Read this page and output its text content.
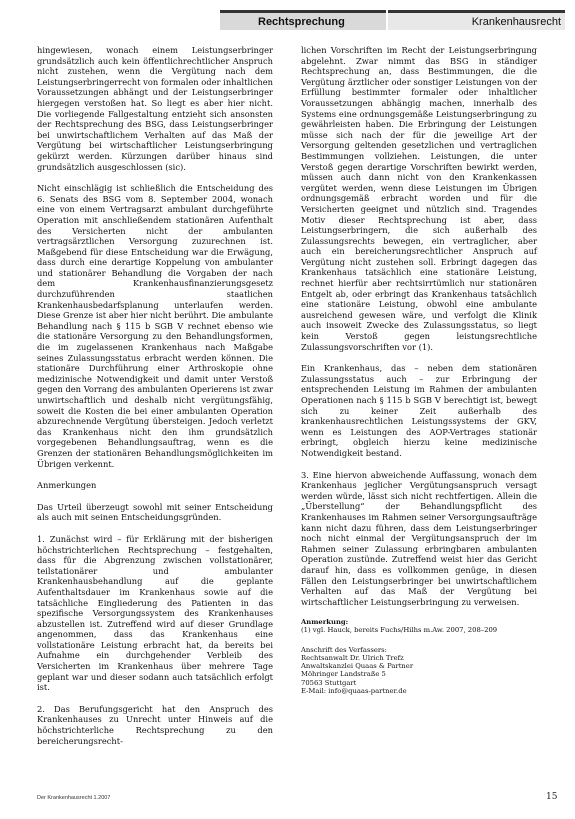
Rechtsprechung	Krankenhausrecht

hingewiesen, wonach einem Leistungserbringer grundsätzlich auch kein öffentlichrechtlicher Anspruch nicht zustehen, wenn die Vergütung nach dem Leistungserbringerrecht von formalen oder inhaltlichen Voraussetzungen abhängt und der Leistungserbringer hiergegen verstoßen hat. So liegt es aber hier nicht. Die vorliegende Fallgestaltung entzieht sich ansonsten der Rechtsprechung des BSG, dass Leistungserbringer bei unwirtschaftlichem Verhalten auf das Maß der Vergütung bei wirtschaftlicher Leistungserbringung gekürzt werden. Kürzungen darüber hinaus sind grundsätzlich ausgeschlossen (sic).

Nicht einschlägig ist schließlich die Entscheidung des 6. Senats des BSG vom 8. September 2004, wonach eine von einem Vertragsarzt ambulant durchgeführte Operation mit anschließendem stationären Aufenthalt des Versicherten nicht der ambulanten vertragsärztlichen Versorgung zuzurechnen ist. Maßgebend für diese Entscheidung war die Erwägung, dass durch eine derartige Koppelung von ambulanter und stationärer Behandlung die Vorgaben der nach dem Krankenhausfinanzierungsgesetz durchzuführenden staatlichen Krankenhausbedarfsplanung unterlaufen werden. Diese Grenze ist aber hier nicht berührt. Die ambulante Behandlung nach § 115 b SGB V rechnet ebenso wie die stationäre Versorgung zu den Behandlungsformen, die im zugelassenen Krankenhaus nach Maßgabe seines Zulassungsstatus erbracht werden können. Die stationäre Durchführung einer Arthroskopie ohne medizinische Notwendigkeit und damit unter Verstoß gegen den Vorrang des ambulanten Operierens ist zwar unwirtschaftlich und deshalb nicht vergütungsfähig, soweit die Kosten die bei einer ambulanten Operation abzurechnende Vergütung übersteigen. Jedoch verletzt das Krankenhaus nicht den ihm grundsätzlich vorgegebenen Behandlungsauftrag, wenn es die Grenzen der stationären Behandlungsmöglichkeiten im Übrigen verkennt.

Anmerkungen

Das Urteil überzeugt sowohl mit seiner Entscheidung als auch mit seinen Entscheidungsgründen.

1. Zunächst wird – für Erklärung mit der bisherigen höchstrichterlichen Rechtsprechung – festgehalten, dass für die Abgrenzung zwischen vollstationärer, teilstationärer und ambulanter Krankenhausbehandlung auf die geplante Aufenthaltsdauer im Krankenhaus sowie auf die tatsächliche Eingliederung des Patienten in das spezifische Versorgungssystem des Krankenhauses abzustellen ist. Zutreffend wird auf dieser Grundlage angenommen, dass das Krankenhaus eine vollstationäre Leistung erbracht hat, da bereits bei Aufnahme ein durchgehender Verbleib des Versicherten im Krankenhaus über mehrere Tage geplant war und dieser sodann auch tatsächlich erfolgt ist.

2. Das Berufungsgericht hat den Anspruch des Krankenhauses zu Unrecht unter Hinweis auf die höchstrichterliche Rechtsprechung zu den bereicherungsrecht-

lichen Vorschriften im Recht der Leistungserbringung abgelehnt. Zwar nimmt das BSG in ständiger Rechtsprechung an, dass Bestimmungen, die die Vergütung ärztlicher oder sonstiger Leistungen von der Erfüllung bestimmter formaler oder inhaltlicher Voraussetzungen abhängig machen, innerhalb des Systems eine ordnungsgemäße Leistungserbringung zu gewährleisten haben. Die Erbringung der Leistungen müsse sich nach der für die jeweilige Art der Versorgung geltenden gesetzlichen und vertraglichen Bestimmungen vollziehen. Leistungen, die unter Verstoß gegen derartige Vorschriften bewirkt werden, müssen auch dann nicht von den Krankenkassen vergütet werden, wenn diese Leistungen im Übrigen ordnungsgemäß erbracht worden und für die Versicherten geeignet und nützlich sind. Tragendes Motiv dieser Rechtsprechung ist aber, dass Leistungserbringern, die sich außerhalb des Zulassungsrechts bewegen, ein vertraglicher, aber auch ein bereicherungsrechtlicher Anspruch auf Vergütung nicht zustehen soll. Erbringt dagegen das Krankenhaus tatsächlich eine stationäre Leistung, rechnet hierfür aber rechtsirrtümlich nur stationären Entgelt ab, oder erbringt das Krankenhaus tatsächlich eine stationäre Leistung, obwohl eine ambulante ausreichend gewesen wäre, und verfolgt die Klinik auch insoweit Zwecke des Zulassungsstatus, so liegt kein Verstoß gegen leistungsrechtliche Zulassungsvorschriften vor (1).

Ein Krankenhaus, das – neben dem stationären Zulassungsstatus auch – zur Erbringung der entsprechenden Leistung im Rahmen der ambulanten Operationen nach § 115 b SGB V berechtigt ist, bewegt sich zu keiner Zeit außerhalb des krankenhausrechtlichen Leistungssystems der GKV, wenn es Leistungen des AOP-Vertrages stationär erbringt, obgleich hierzu keine medizinische Notwendigkeit bestand.

3. Eine hiervon abweichende Auffassung, wonach dem Krankenhaus jeglicher Vergütungsanspruch versagt werden würde, lässt sich nicht rechtfertigen. Allein die „Überstellung“ der Behandlungspflicht des Krankenhauses im Rahmen seiner Versorgungsaufträge kann nicht dazu führen, dass dem Leistungserbringer noch nicht einmal der Vergütungsanspruch der im Rahmen seiner Zulassung erbringbaren ambulanten Operation zustünde. Zutreffend weist hier das Gericht darauf hin, dass es vollkommen genüge, in diesen Fällen den Leistungserbringer bei unwirtschaftlichem Verhalten auf das Maß der Vergütung bei wirtschaftlicher Leistungserbringung zu verweisen.

Anmerkung:

(1) vgl. Hauck, bereits Fuchs/Hilhs m.Aw. 2007, 208–209

Anschrift des Verfassers:

Rechtsanwalt Dr. Ulrich Trefz

Anwaltskanzlei Quaas & Partner

Möhringer Landstraße 5

70563 Stuttgart

E-Mail: info@quaas-partner.de

Der Krankenhausrecht 1.2007	15
